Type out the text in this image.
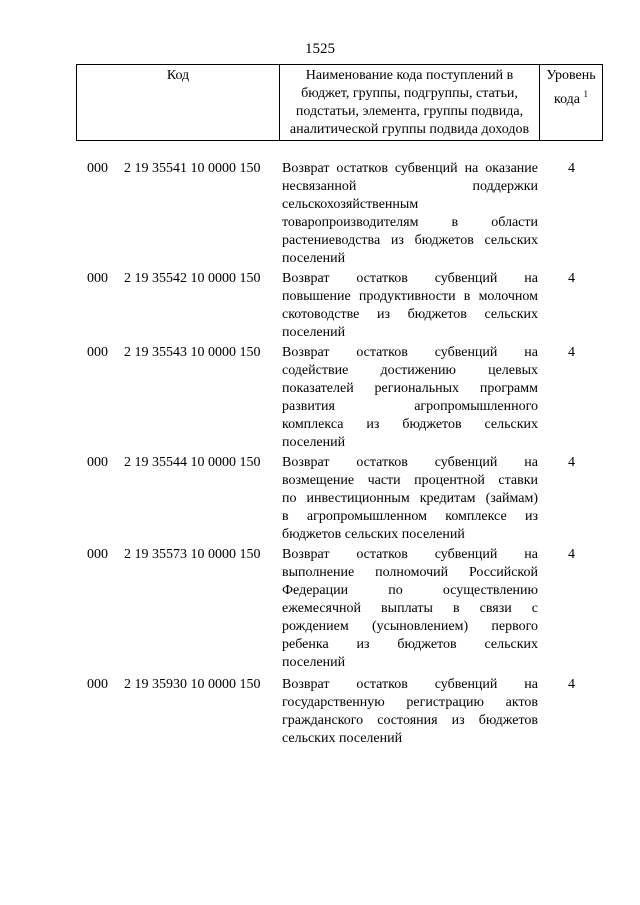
1525
Код	Наименование кода поступлений в
бюджет, группы, подгруппы, статьи,
подстатьи, элемента, группы подвида,
аналитической группы подвида доходов
Уровень
кода $^1$
000 2 19 35541 10 0000 150 Возврат остатков субвенций на оказание
несвязанной поддержки
сельскохозяйственным
товаропроизводителям в области
растениеводства из бюджетов сельских
поселений
4
000 2 19 35542 10 0000 150 Возврат остатков субвенций на
повышение продуктивности в молочном
скотоводстве из бюджетов сельских
поселений
4
000 2 19 35543 10 0000 150 Возврат остатков субвенций на
содействие достижению целевых
показателей региональных программ
развития агропромышленного
комплекса из бюджетов сельских
поселений
4
000 2 19 35544 10 0000 150 Возврат остатков субвенций на
возмещение части процентной ставки
по инвестиционным кредитам (займам)
в агропромышленном комплексе из
бюджетов сельских поселений
4
000 2 19 35573 10 0000 150 Возврат остатков субвенций на
выполнение полномочий Российской
Федерации по осуществлению
ежемесячной выплаты в связи с
рождением (усыновлением) первого
ребенка из бюджетов сельских
поселений
4
000 2 19 35930 10 0000 150 Возврат остатков субвенций на
государственную регистрацию актов
гражданского состояния из бюджетов
сельских поселений
4
